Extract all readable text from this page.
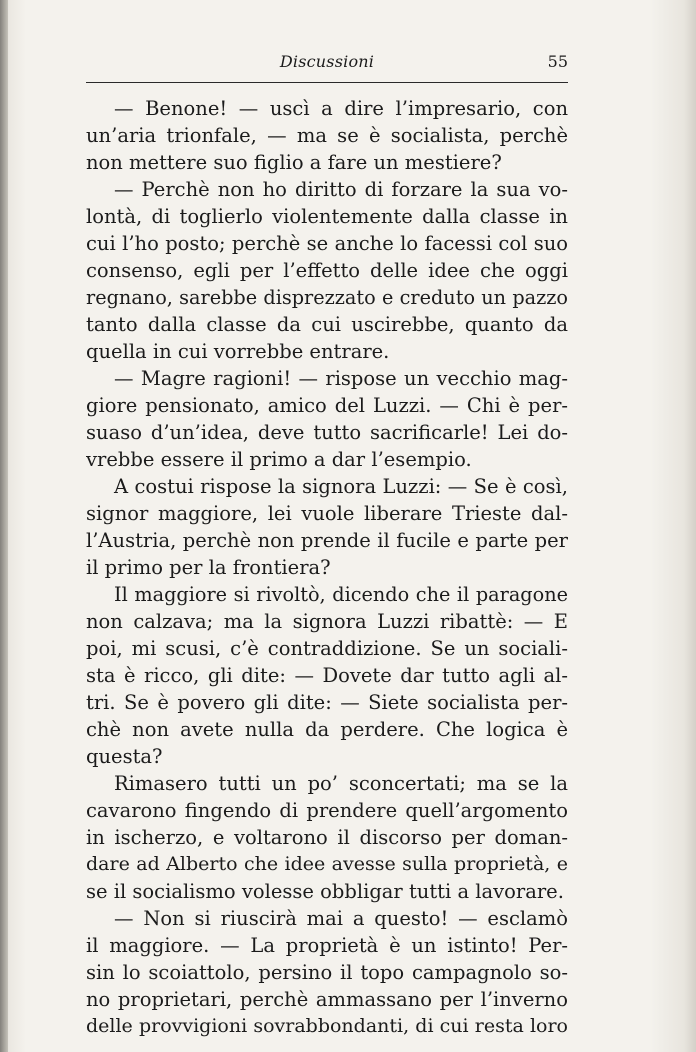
Discussioni	55
— Benone! — uscì a dire l’impresario, con
un’aria trionfale, — ma se è socialista, perchè
non mettere suo figlio a fare un mestiere?
— Perchè non ho diritto di forzare la sua vo-
lontà, di toglierlo violentemente dalla classe in
cui l’ho posto; perchè se anche lo facessi col suo
consenso, egli per l’effetto delle idee che oggi
regnano, sarebbe disprezzato e creduto un pazzo
tanto dalla classe da cui uscirebbe, quanto da
quella in cui vorrebbe entrare.
— Magre ragioni! — rispose un vecchio mag-
giore pensionato, amico del Luzzi. — Chi è per-
suaso d’un’idea, deve tutto sacrificarle! Lei do-
vrebbe essere il primo a dar l’esempio.
A costui rispose la signora Luzzi: — Se è così,
signor maggiore, lei vuole liberare Trieste dal-
l’Austria, perchè non prende il fucile e parte per
il primo per la frontiera?
Il maggiore si rivoltò, dicendo che il paragone
non calzava; ma la signora Luzzi ribattè: — E
poi, mi scusi, c’è contraddizione. Se un sociali-
sta è ricco, gli dite: — Dovete dar tutto agli al-
tri. Se è povero gli dite: — Siete socialista per-
chè non avete nulla da perdere. Che logica è
questa?
Rimasero tutti un po’ sconcertati; ma se la
cavarono fingendo di prendere quell’argomento
in ischerzo, e voltarono il discorso per doman-
dare ad Alberto che idee avesse sulla proprietà, e
se il socialismo volesse obbligar tutti a lavorare.
— Non si riuscirà mai a questo! — esclamò
il maggiore. — La proprietà è un istinto! Per-
sin lo scoiattolo, persino il topo campagnolo so-
no proprietari, perchè ammassano per l’inverno
delle provvigioni sovrabbondanti, di cui resta loro
